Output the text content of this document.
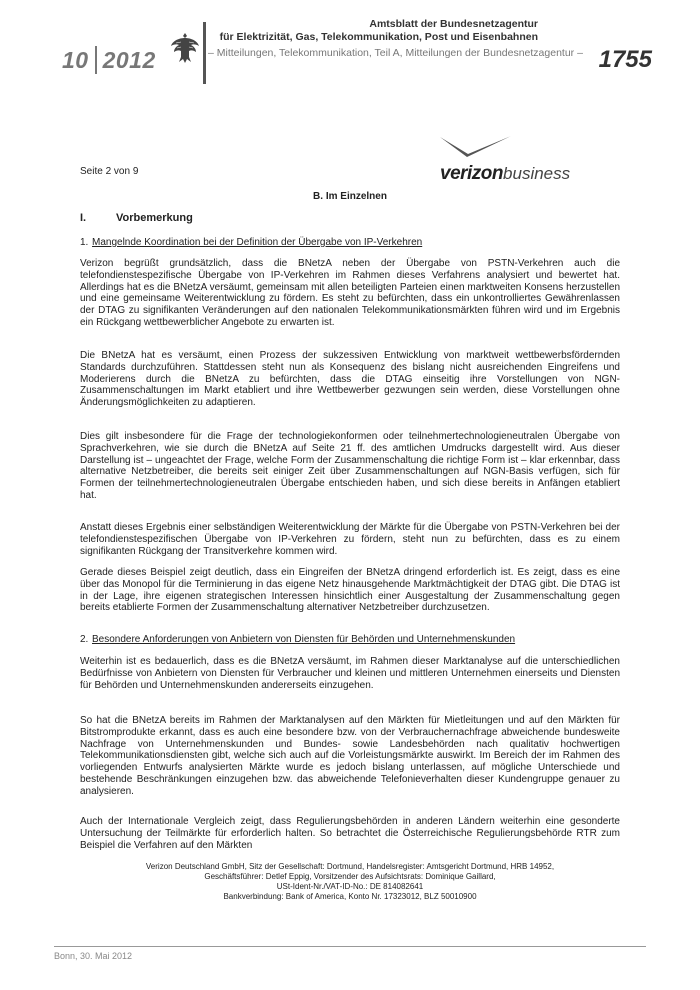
10 2012
Amtsblatt der Bundesnetzagentur
für Elektrizität, Gas, Telekommunikation, Post und Eisenbahnen
– Mitteilungen, Telekommunikation, Teil A, Mitteilungen der Bundesnetzagentur – 1755
verizonbusiness
Seite 2 von 9
B. Im Einzelnen
I.	Vorbemerkung
1. Mangelnde Koordination bei der Definition der Übergabe von IP-Verkehren
Verizon begrüßt grundsätzlich, dass die BNetzA neben der Übergabe von PSTN-Verkehren auch die telefondienstespezifische Übergabe von IP-Verkehren im Rahmen dieses Verfahrens analysiert und bewertet hat. Allerdings hat es die BNetzA versäumt, gemeinsam mit allen beteiligten Parteien einen marktweiten Konsens herzustellen und eine gemeinsame Weiterentwicklung zu fördern. Es steht zu befürchten, dass ein unkontrolliertes Gewährenlassen der DTAG zu signifikanten Veränderungen auf den nationalen Telekommunikationsmärkten führen wird und im Ergebnis ein Rückgang wettbewerblicher Angebote zu erwarten ist.
Die BNetzA hat es versäumt, einen Prozess der sukzessiven Entwicklung von marktweit wettbewerbsfördernden Standards durchzuführen. Stattdessen steht nun als Konsequenz des bislang nicht ausreichenden Eingreifens und Moderierens durch die BNetzA zu befürchten, dass die DTAG einseitig ihre Vorstellungen von NGN-Zusammenschaltungen im Markt etabliert und ihre Wettbewerber gezwungen sein werden, diese Vorstellungen ohne Änderungsmöglichkeiten zu adaptieren.
Dies gilt insbesondere für die Frage der technologiekonformen oder teilnehmertechnologieneutralen Übergabe von Sprachverkehren, wie sie durch die BNetzA auf Seite 21 ff. des amtlichen Umdrucks dargestellt wird. Aus dieser Darstellung ist – ungeachtet der Frage, welche Form der Zusammenschaltung die richtige Form ist – klar erkennbar, dass alternative Netzbetreiber, die bereits seit einiger Zeit über Zusammenschaltungen auf NGN-Basis verfügen, sich für Formen der teilnehmertechnologieneutralen Übergabe entschieden haben, und sich diese bereits in Anfängen etabliert hat.
Anstatt dieses Ergebnis einer selbständigen Weiterentwicklung der Märkte für die Übergabe von PSTN-Verkehren bei der telefondienstespezifischen Übergabe von IP-Verkehren zu fördern, steht nun zu befürchten, dass es zu einem signifikanten Rückgang der Transitverkehre kommen wird.
Gerade dieses Beispiel zeigt deutlich, dass ein Eingreifen der BNetzA dringend erforderlich ist. Es zeigt, dass es eine über das Monopol für die Terminierung in das eigene Netz hinausgehende Marktmächtigkeit der DTAG gibt. Die DTAG ist in der Lage, ihre eigenen strategischen Interessen hinsichtlich einer Ausgestaltung der Zusammenschaltung gegen bereits etablierte Formen der Zusammenschaltung alternativer Netzbetreiber durchzusetzen.
2. Besondere Anforderungen von Anbietern von Diensten für Behörden und Unternehmenskunden
Weiterhin ist es bedauerlich, dass es die BNetzA versäumt, im Rahmen dieser Marktanalyse auf die unterschiedlichen Bedürfnisse von Anbietern von Diensten für Verbraucher und kleinen und mittleren Unternehmen einerseits und Diensten für Behörden und Unternehmenskunden andererseits einzugehen.
So hat die BNetzA bereits im Rahmen der Marktanalysen auf den Märkten für Mietleitungen und auf den Märkten für Bitstromprodukte erkannt, dass es auch eine besondere bzw. von der Verbrauchernachfrage abweichende bundesweite Nachfrage von Unternehmenskunden und Bundes- sowie Landesbehörden nach qualitativ hochwertigen Telekommunikationsdiensten gibt, welche sich auch auf die Vorleistungsmärkte auswirkt. Im Bereich der im Rahmen des vorliegenden Entwurfs analysierten Märkte wurde es jedoch bislang unterlassen, auf mögliche Unterschiede und bestehende Beschränkungen einzugehen bzw. das abweichende Telefonieverhalten dieser Kundengruppe genauer zu analysieren.
Auch der Internationale Vergleich zeigt, dass Regulierungsbehörden in anderen Ländern weiterhin eine gesonderte Untersuchung der Teilmärkte für erforderlich halten. So betrachtet die Österreichische Regulierungsbehörde RTR zum Beispiel die Verfahren auf den Märkten
Verizon Deutschland GmbH, Sitz der Gesellschaft: Dortmund, Handelsregister: Amtsgericht Dortmund, HRB 14952,
Geschäftsführer: Detlef Eppig, Vorsitzender des Aufsichtsrats: Dominique Gaillard,
USt-Ident-Nr./VAT-ID-No.: DE 814082641
Bankverbindung: Bank of America, Konto Nr. 17323012, BLZ 50010900
Bonn, 30. Mai 2012
